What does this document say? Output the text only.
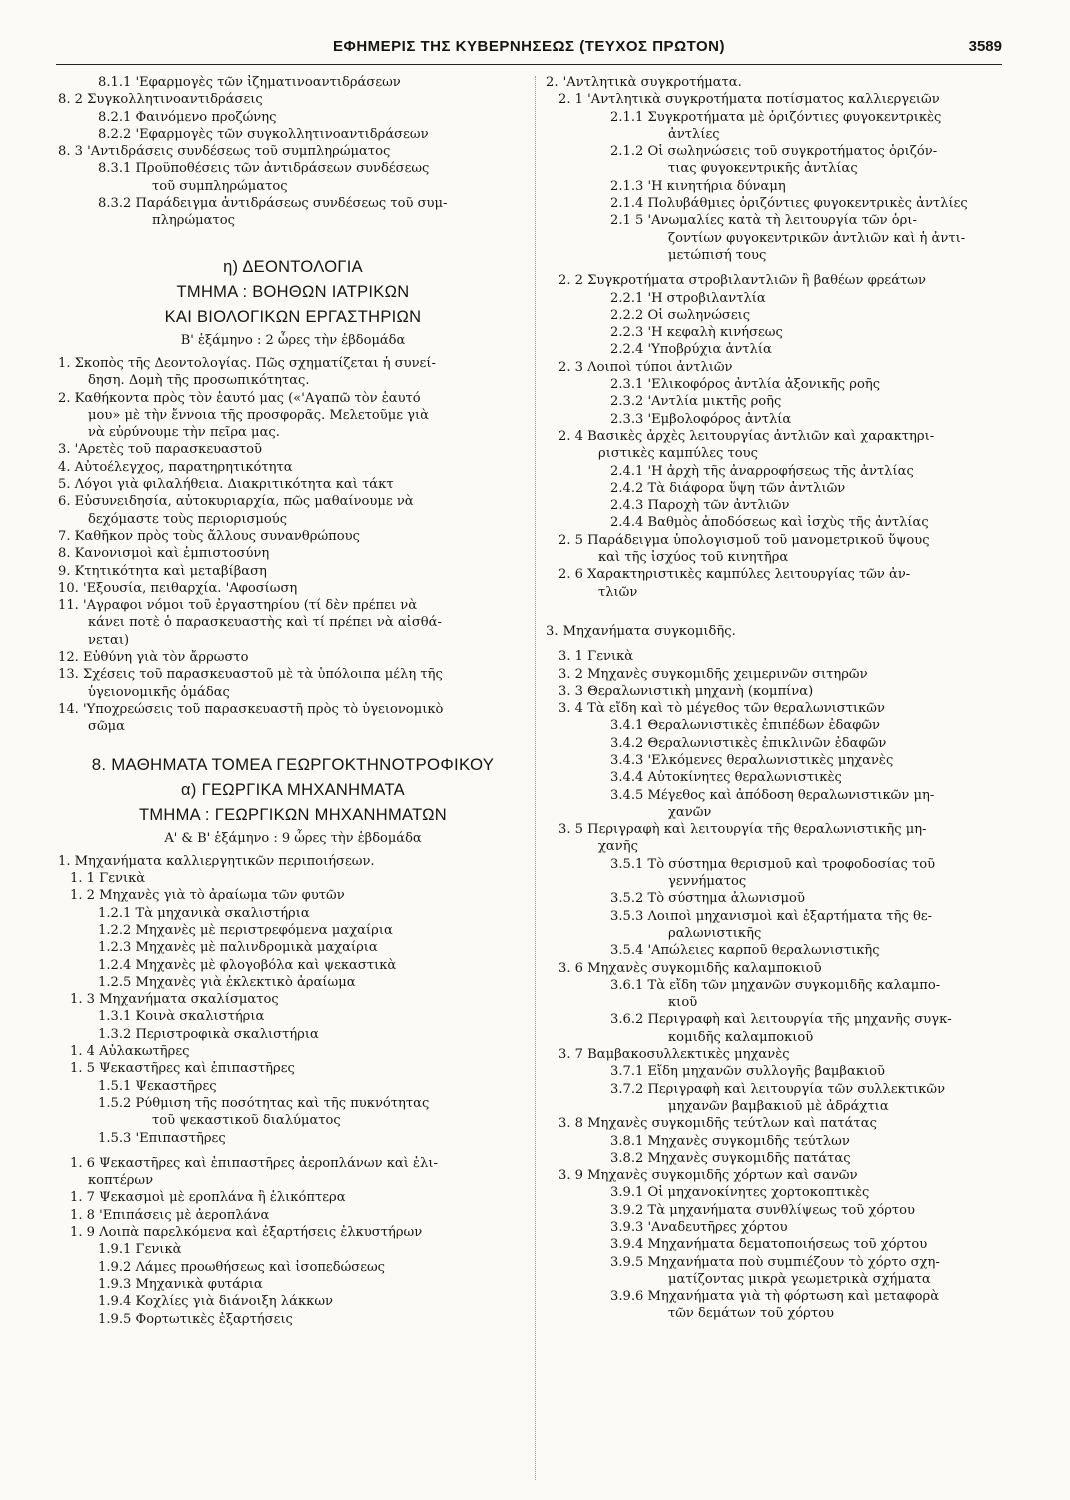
ΕΦΗΜΕΡΙΣ ΤΗΣ ΚΥΒΕΡΝΗΣΕΩΣ (ΤΕΥΧΟΣ ΠΡΩΤΟΝ)	3589
8.1.1 'Εφαρμογὲς τῶν ἰζηματινοαντιδράσεων
8. 2 Συγκολλητινοαντιδράσεις
8.2.1 Φαινόμενο προζώνης
8.2.2 'Εφαρμογὲς τῶν συγκολλητινοαντιδράσεων
8. 3 'Αντιδράσεις συνδέσεως τοῦ συμπληρώματος
8.3.1 Προϋποθέσεις τῶν ἀντιδράσεων συνδέσεως
τοῦ συμπληρώματος
8.3.2 Παράδειγμα ἀντιδράσεως συνδέσεως τοῦ συμ-
πληρώματος
η) ΔΕΟΝΤΟΛΟΓΙΑ
ΤΜΗΜΑ : ΒΟΗΘΩΝ ΙΑΤΡΙΚΩΝ
ΚΑΙ ΒΙΟΛΟΓΙΚΩΝ ΕΡΓΑΣΤΗΡΙΩΝ
Β' ἑξάμηνο : 2 ὧρες τὴν ἑβδομάδα
1. Σκοπὸς τῆς Δεοντολογίας. Πῶς σχηματίζεται ἡ συνεί-
δηση. Δομὴ τῆς προσωπικότητας.
2. Καθήκοντα πρὸς τὸν ἑαυτό μας («'Αγαπῶ τὸν ἑαυτό
μου» μὲ τὴν ἔννοια τῆς προσφορᾶς. Μελετοῦμε γιὰ
νὰ εὐρύνουμε τὴν πεῖρα μας.
3. 'Αρετὲς τοῦ παρασκευαστοῦ
4. Αὐτοέλεγχος, παρατηρητικότητα
5. Λόγοι γιὰ φιλαλήθεια. Διακριτικότητα καὶ τάκτ
6. Εὐσυνειδησία, αὐτοκυριαρχία, πῶς μαθαίνουμε νὰ
δεχόμαστε τοὺς περιορισμούς
7. Καθῆκον πρὸς τοὺς ἄλλους συνανθρώπους
8. Κανονισμοὶ καὶ ἐμπιστοσύνη
9. Κτητικότητα καὶ μεταβίβαση
10. 'Εξουσία, πειθαρχία. 'Αφοσίωση
11. 'Αγραφοι νόμοι τοῦ ἐργαστηρίου (τί δὲν πρέπει νὰ
κάνει ποτὲ ὁ παρασκευαστὴς καὶ τί πρέπει νὰ αἰσθά-
νεται)
12. Εὐθύνη γιὰ τὸν ἄρρωστο
13. Σχέσεις τοῦ παρασκευαστοῦ μὲ τὰ ὑπόλοιπα μέλη τῆς
ὑγειονομικῆς ὁμάδας
14. 'Υποχρεώσεις τοῦ παρασκευαστῆ πρὸς τὸ ὑγειονομικὸ
σῶμα
8. ΜΑΘΗΜΑΤΑ ΤΟΜΕΑ ΓΕΩΡΓΟΚΤΗΝΟΤΡΟΦΙΚΟΥ
α) ΓΕΩΡΓΙΚΑ ΜΗΧΑΝΗΜΑΤΑ
ΤΜΗΜΑ : ΓΕΩΡΓΙΚΩΝ ΜΗΧΑΝΗΜΑΤΩΝ
Α' & Β' ἑξάμηνο : 9 ὧρες τὴν ἑβδομάδα
1. Μηχανήματα καλλιεργητικῶν περιποιήσεων.
1. 1 Γενικὰ
1. 2 Μηχανὲς γιὰ τὸ ἀραίωμα τῶν φυτῶν
1.2.1 Τὰ μηχανικὰ σκαλιστήρια
1.2.2 Μηχανὲς μὲ περιστρεφόμενα μαχαίρια
1.2.3 Μηχανὲς μὲ παλινδρομικὰ μαχαίρια
1.2.4 Μηχανὲς μὲ φλογοβόλα καὶ ψεκαστικὰ
1.2.5 Μηχανὲς γιὰ ἐκλεκτικὸ ἀραίωμα
1. 3 Μηχανήματα σκαλίσματος
1.3.1 Κοινὰ σκαλιστήρια
1.3.2 Περιστροφικὰ σκαλιστήρια
1. 4 Αὐλακωτῆρες
1. 5 Ψεκαστῆρες καὶ ἐπιπαστῆρες
1.5.1 Ψεκαστῆρες
1.5.2 Ρύθμιση τῆς ποσότητας καὶ τῆς πυκνότητας
τοῦ ψεκαστικοῦ διαλύματος
1.5.3 'Επιπαστῆρες
1. 6 Ψεκαστῆρες καὶ ἐπιπαστῆρες ἀεροπλάνων καὶ ἑλι-
κοπτέρων
1. 7 Ψεκασμοὶ μὲ εροπλάνα ἢ ἑλικόπτερα
1. 8 'Επιπάσεις μὲ ἀεροπλάνα
1. 9 Λοιπὰ παρελκόμενα καὶ ἐξαρτήσεις ἑλκυστήρων
1.9.1 Γενικὰ
1.9.2 Λάμες προωθήσεως καὶ ἰσοπεδώσεως
1.9.3 Μηχανικὰ φυτάρια
1.9.4 Κοχλίες γιὰ διάνοιξη λάκκων
1.9.5 Φορτωτικὲς ἐξαρτήσεις
2. 'Αντλητικὰ συγκροτήματα.
2. 1 'Αντλητικὰ συγκροτήματα ποτίσματος καλλιεργειῶν
2.1.1 Συγκροτήματα μὲ ὁριζόντιες φυγοκεντρικὲς
ἀντλίες
2.1.2 Οἱ σωληνώσεις τοῦ συγκροτήματος ὁριζόν-
τιας φυγοκεντρικῆς ἀντλίας
2.1.3 'Η κινητήρια δύναμη
2.1.4 Πολυβάθμιες ὁριζόντιες φυγοκεντρικὲς ἀντλίες
2.1 5 'Ανωμαλίες κατὰ τὴ λειτουργία τῶν ὁρι-
ζοντίων φυγοκεντρικῶν ἀντλιῶν καὶ ἡ ἀντι-
μετώπισή τους
2. 2 Συγκροτήματα στροβιλαντλιῶν ἢ βαθέων φρεάτων
2.2.1 'Η στροβιλαντλία
2.2.2 Οἱ σωληνώσεις
2.2.3 'Η κεφαλὴ κινήσεως
2.2.4 'Υποβρύχια ἀντλία
2. 3 Λοιποὶ τύποι ἀντλιῶν
2.3.1 'Ελικοφόρος ἀντλία ἀξονικῆς ροῆς
2.3.2 'Αντλία μικτῆς ροῆς
2.3.3 'Εμβολοφόρος ἀντλία
2. 4 Βασικὲς ἀρχὲς λειτουργίας ἀντλιῶν καὶ χαρακτηρι-
ριστικὲς καμπύλες τους
2.4.1 'Η ἀρχὴ τῆς ἀναρροφήσεως τῆς ἀντλίας
2.4.2 Τὰ διάφορα ὕψη τῶν ἀντλιῶν
2.4.3 Παροχὴ τῶν ἀντλιῶν
2.4.4 Βαθμὸς ἀποδόσεως καὶ ἰσχὺς τῆς ἀντλίας
2. 5 Παράδειγμα ὑπολογισμοῦ τοῦ μανομετρικοῦ ὕψους
καὶ τῆς ἰσχύος τοῦ κινητῆρα
2. 6 Χαρακτηριστικὲς καμπύλες λειτουργίας τῶν ἀν-
τλιῶν
3. Μηχανήματα συγκομιδῆς.
3. 1 Γενικὰ
3. 2 Μηχανὲς συγκομιδῆς χειμερινῶν σιτηρῶν
3. 3 Θεραλωνιστικὴ μηχανὴ (κομπίνα)
3. 4 Τὰ εἴδη καὶ τὸ μέγεθος τῶν θεραλωνιστικῶν
3.4.1 Θεραλωνιστικὲς ἐπιπέδων ἐδαφῶν
3.4.2 Θεραλωνιστικὲς ἐπικλινῶν ἐδαφῶν
3.4.3 'Ελκόμενες θεραλωνιστικὲς μηχανὲς
3.4.4 Αὐτοκίνητες θεραλωνιστικὲς
3.4.5 Μέγεθος καὶ ἀπόδοση θεραλωνιστικῶν μη-
χανῶν
3. 5 Περιγραφὴ καὶ λειτουργία τῆς θεραλωνιστικῆς μη-
χανῆς
3.5.1 Τὸ σύστημα θερισμοῦ καὶ τροφοδοσίας τοῦ
γεννήματος
3.5.2 Τὸ σύστημα ἀλωνισμοῦ
3.5.3 Λοιποὶ μηχανισμοὶ καὶ ἐξαρτήματα τῆς θε-
ραλωνιστικῆς
3.5.4 'Απώλειες καρποῦ θεραλωνιστικῆς
3. 6 Μηχανὲς συγκομιδῆς καλαμποκιοῦ
3.6.1 Τὰ εἴδη τῶν μηχανῶν συγκομιδῆς καλαμπο-
κιοῦ
3.6.2 Περιγραφὴ καὶ λειτουργία τῆς μηχανῆς συγκ-
κομιδῆς καλαμποκιοῦ
3. 7 Βαμβακοσυλλεκτικὲς μηχανὲς
3.7.1 Εἴδη μηχανῶν συλλογῆς βαμβακιοῦ
3.7.2 Περιγραφὴ καὶ λειτουργία τῶν συλλεκτικῶν
μηχανῶν βαμβακιοῦ μὲ ἀδράχτια
3. 8 Μηχανὲς συγκομιδῆς τεύτλων καὶ πατάτας
3.8.1 Μηχανὲς συγκομιδῆς τεύτλων
3.8.2 Μηχανὲς συγκομιδῆς πατάτας
3. 9 Μηχανὲς συγκομιδῆς χόρτων καὶ σανῶν
3.9.1 Οἱ μηχανοκίνητες χορτοκοπτικὲς
3.9.2 Τὰ μηχανήματα συνθλίψεως τοῦ χόρτου
3.9.3 'Αναδευτῆρες χόρτου
3.9.4 Μηχανήματα δεματοποιήσεως τοῦ χόρτου
3.9.5 Μηχανήματα ποὺ συμπιέζουν τὸ χόρτο σχη-
ματίζοντας μικρὰ γεωμετρικὰ σχήματα
3.9.6 Μηχανήματα γιὰ τὴ φόρτωση καὶ μεταφορὰ
τῶν δεμάτων τοῦ χόρτου
